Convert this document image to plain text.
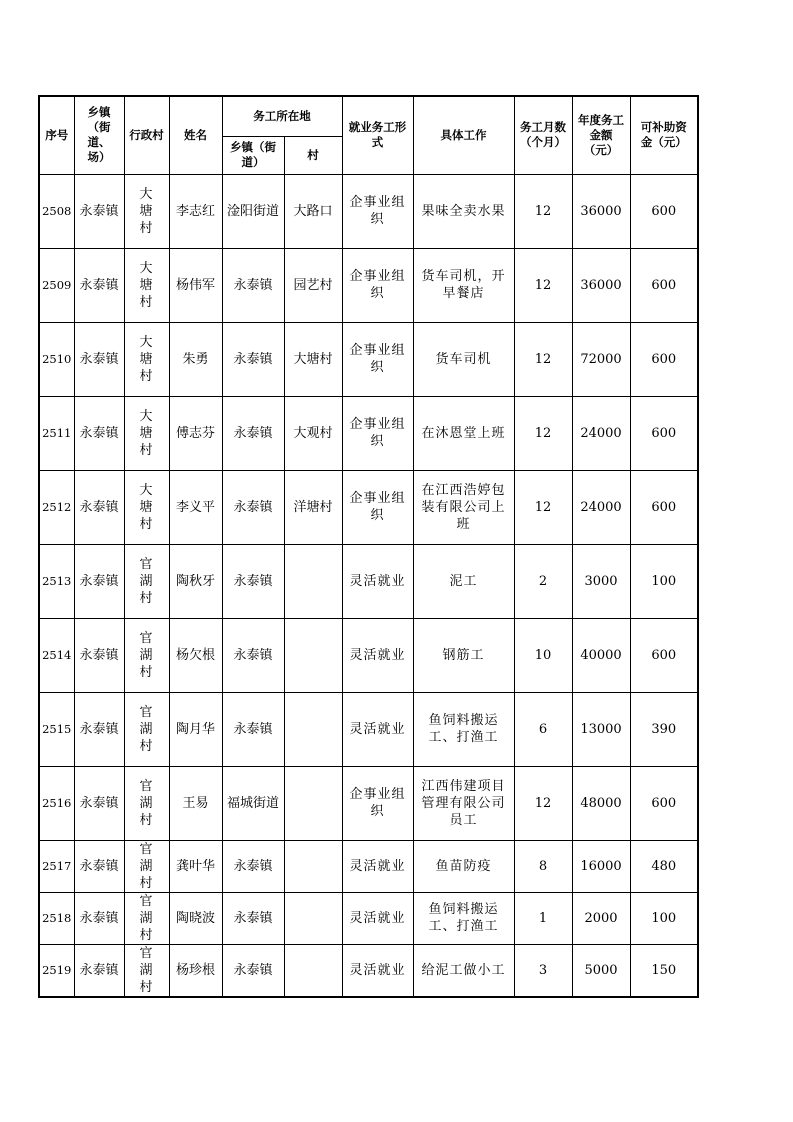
序号	乡镇（街道、场）	行政村	姓名	务工所在地		就业务工形式	具体工作	务工月数（个月）	年度务工金额（元）	可补助资金（元）
				乡镇（街道）	村					
2508	永泰镇	大塘村	李志红	淦阳街道	大路口	企事业组织	果味全卖水果	12	36000	600
2509	永泰镇	大塘村	杨伟军	永泰镇	园艺村	企事业组织	货车司机，开早餐店	12	36000	600
2510	永泰镇	大塘村	朱勇	永泰镇	大塘村	企事业组织	货车司机	12	72000	600
2511	永泰镇	大塘村	傅志芬	永泰镇	大观村	企事业组织	在沐恩堂上班	12	24000	600
2512	永泰镇	大塘村	李义平	永泰镇	洋塘村	企事业组织	在江西浩婷包装有限公司上班	12	24000	600
2513	永泰镇	官湖村	陶秋牙	永泰镇		灵活就业	泥工	2	3000	100
2514	永泰镇	官湖村	杨欠根	永泰镇		灵活就业	钢筋工	10	40000	600
2515	永泰镇	官湖村	陶月华	永泰镇		灵活就业	鱼饲料搬运工、打渔工	6	13000	390
2516	永泰镇	官湖村	王易	福城街道		企事业组织	江西伟建项目管理有限公司员工	12	48000	600
2517	永泰镇	官湖村	龚叶华	永泰镇		灵活就业	鱼苗防疫	8	16000	480
2518	永泰镇	官湖村	陶晓波	永泰镇		灵活就业	鱼饲料搬运工、打渔工	1	2000	100
2519	永泰镇	官湖村	杨珍根	永泰镇		灵活就业	给泥工做小工	3	5000	150
